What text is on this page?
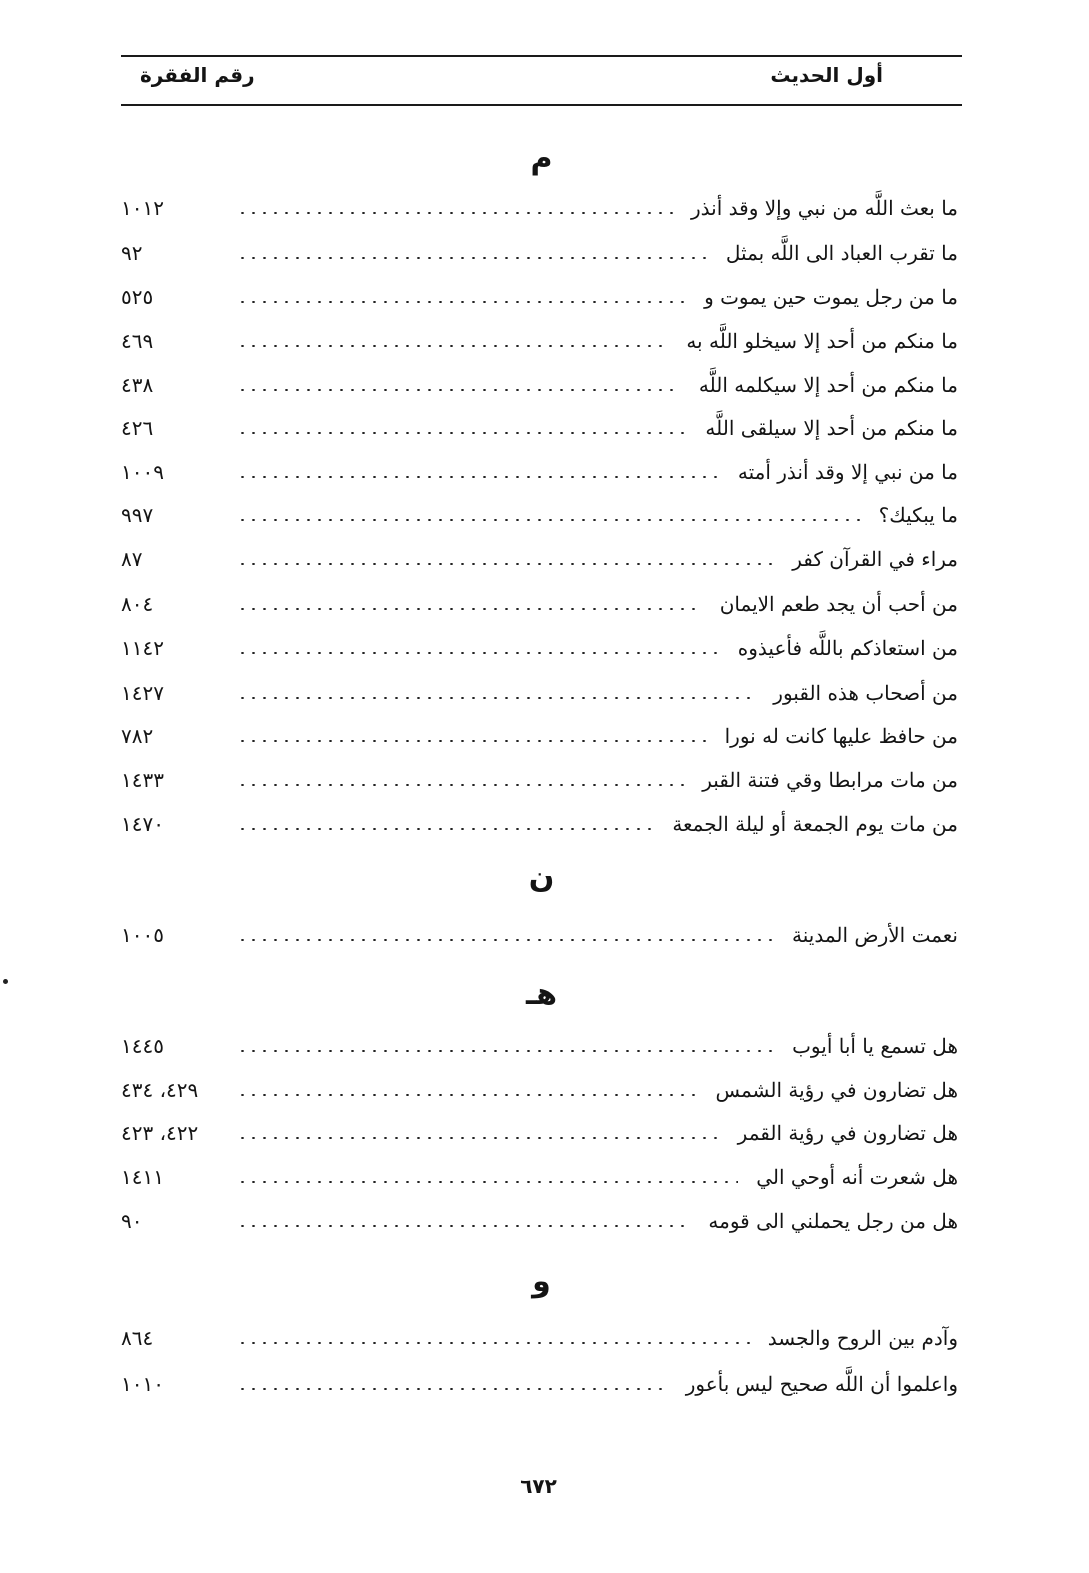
أول الحديث
رقم الفقرة
م
ما بعث اللَّه من نبي وإلا وقد أنذر
١٠١٢
ما تقرب العباد الى اللَّه بمثل
٩٢
ما من رجل يموت حين يموت و
٥٢٥
ما منكم من أحد إلا سيخلو اللَّه به
٤٦٩
ما منكم من أحد إلا سيكلمه اللَّه
٤٣٨
ما منكم من أحد إلا سيلقى اللَّه
٤٢٦
ما من نبي إلا وقد أنذر أمته
١٠٠٩
ما يبكيك؟
٩٩٧
مراء في القرآن كفر
٨٧
من أحب أن يجد طعم الايمان
٨٠٤
من استعاذكم باللَّه فأعيذوه
١١٤٢
من أصحاب هذه القبور
١٤٢٧
من حافظ عليها كانت له نورا
٧٨٢
من مات مرابطا وقي فتنة القبر
١٤٣٣
من مات يوم الجمعة أو ليلة الجمعة
١٤٧٠
ن
نعمت الأرض المدينة
١٠٠٥
هـ
هل تسمع يا أبا أيوب
١٤٤٥
هل تضارون في رؤية الشمس
٤٢٩، ٤٣٤
هل تضارون في رؤية القمر
٤٢٢، ٤٢٣
هل شعرت أنه أوحي الي
١٤١١
هل من رجل يحملني الى قومه
٩٠
و
وآدم بين الروح والجسد
٨٦٤
واعلموا أن اللَّه صحيح ليس بأعور
١٠١٠
٦٧٢
